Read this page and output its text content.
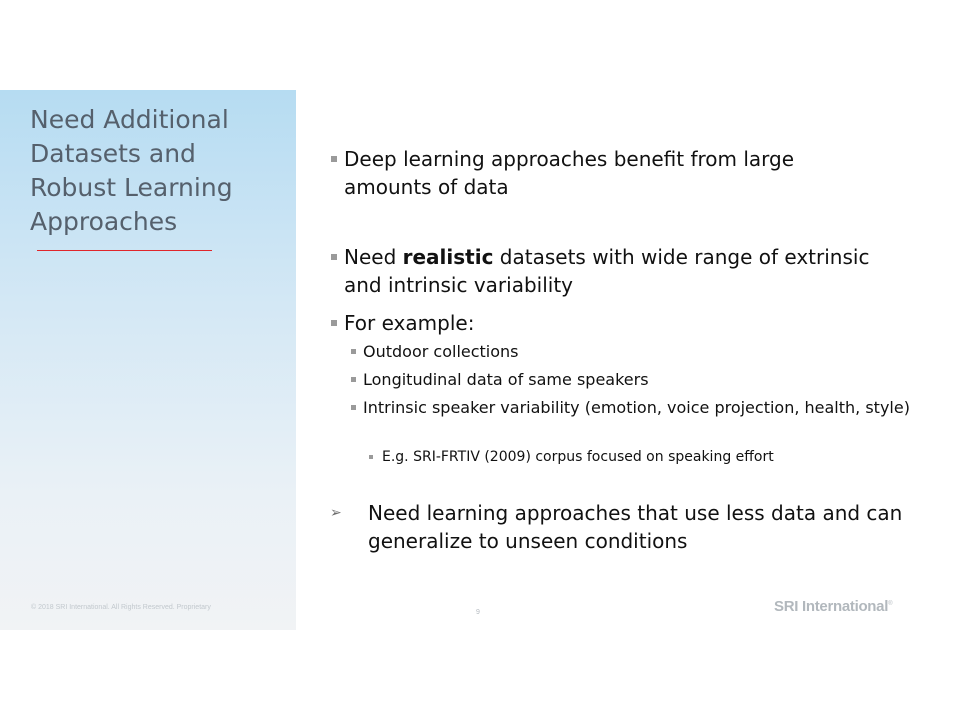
Need Additional
Datasets and
Robust Learning
Approaches
© 2018 SRI International. All Rights Reserved. Proprietary

Deep learning approaches benefit from large amounts of data

Need realistic datasets with wide range of extrinsic and intrinsic variability

For example:

Outdoor collections

Longitudinal data of same speakers

Intrinsic speaker variability (emotion, voice projection, health, style)

E.g. SRI-FRTIV (2009) corpus focused on speaking effort

➢ Need learning approaches that use less data and can generalize to unseen conditions

9	SRI International®
